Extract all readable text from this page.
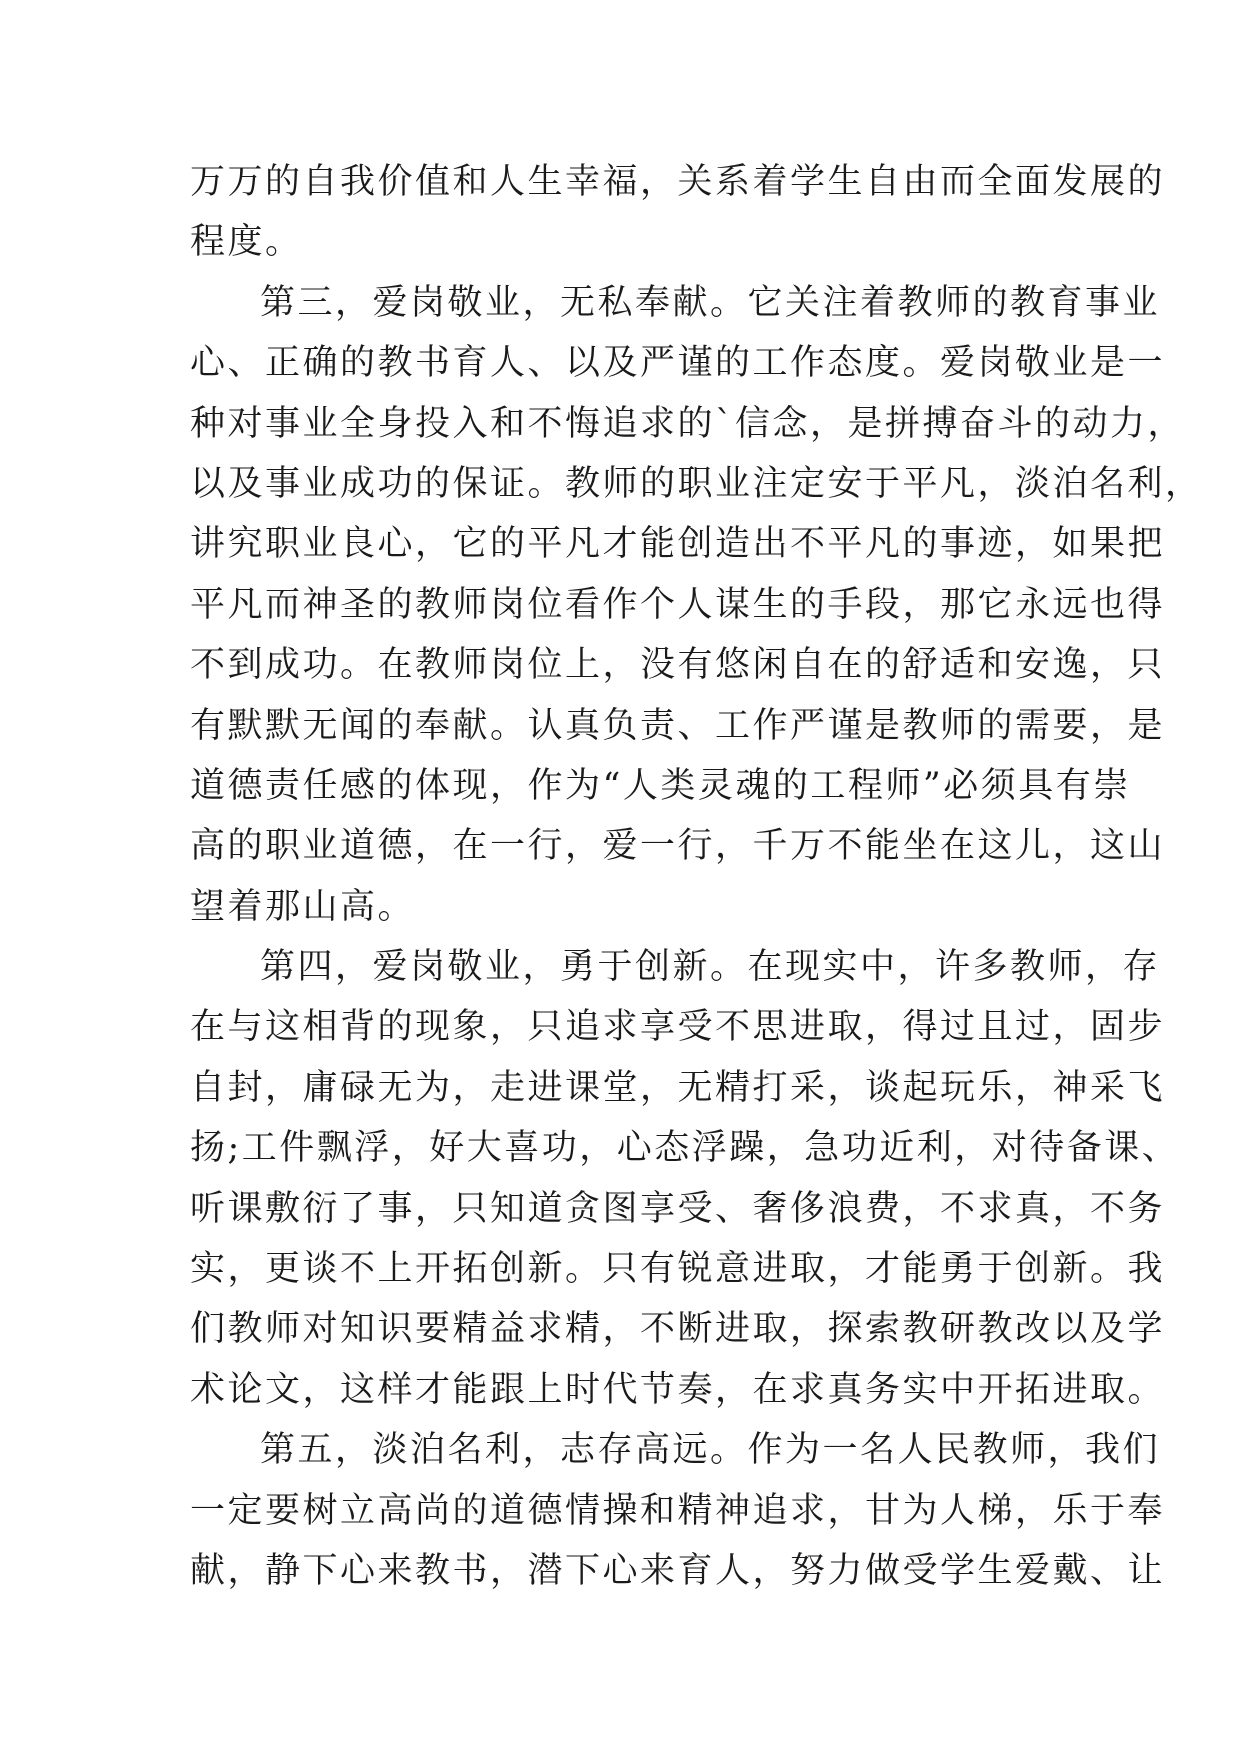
万万的自我价值和人生幸福，关系着学生自由而全面发展的
程度。
第三，爱岗敬业，无私奉献。它关注着教师的教育事业
心、正确的教书育人、以及严谨的工作态度。爱岗敬业是一
种对事业全身投入和不悔追求的`信念，是拼搏奋斗的动力，
以及事业成功的保证。教师的职业注定安于平凡，淡泊名利，
讲究职业良心，它的平凡才能创造出不平凡的事迹，如果把
平凡而神圣的教师岗位看作个人谋生的手段，那它永远也得
不到成功。在教师岗位上，没有悠闲自在的舒适和安逸，只
有默默无闻的奉献。认真负责、工作严谨是教师的需要，是
道德责任感的体现，作为“人类灵魂的工程师”必须具有崇
高的职业道德，在一行，爱一行，千万不能坐在这儿，这山
望着那山高。
第四，爱岗敬业，勇于创新。在现实中，许多教师，存
在与这相背的现象，只追求享受不思进取，得过且过，固步
自封，庸碌无为，走进课堂，无精打采，谈起玩乐，神采飞
扬;工件飘浮，好大喜功，心态浮躁，急功近利，对待备课、
听课敷衍了事，只知道贪图享受、奢侈浪费，不求真，不务
实，更谈不上开拓创新。只有锐意进取，才能勇于创新。我
们教师对知识要精益求精，不断进取，探索教研教改以及学
术论文，这样才能跟上时代节奏，在求真务实中开拓进取。
第五，淡泊名利，志存高远。作为一名人民教师，我们
一定要树立高尚的道德情操和精神追求，甘为人梯，乐于奉
献，静下心来教书，潜下心来育人，努力做受学生爱戴、让
